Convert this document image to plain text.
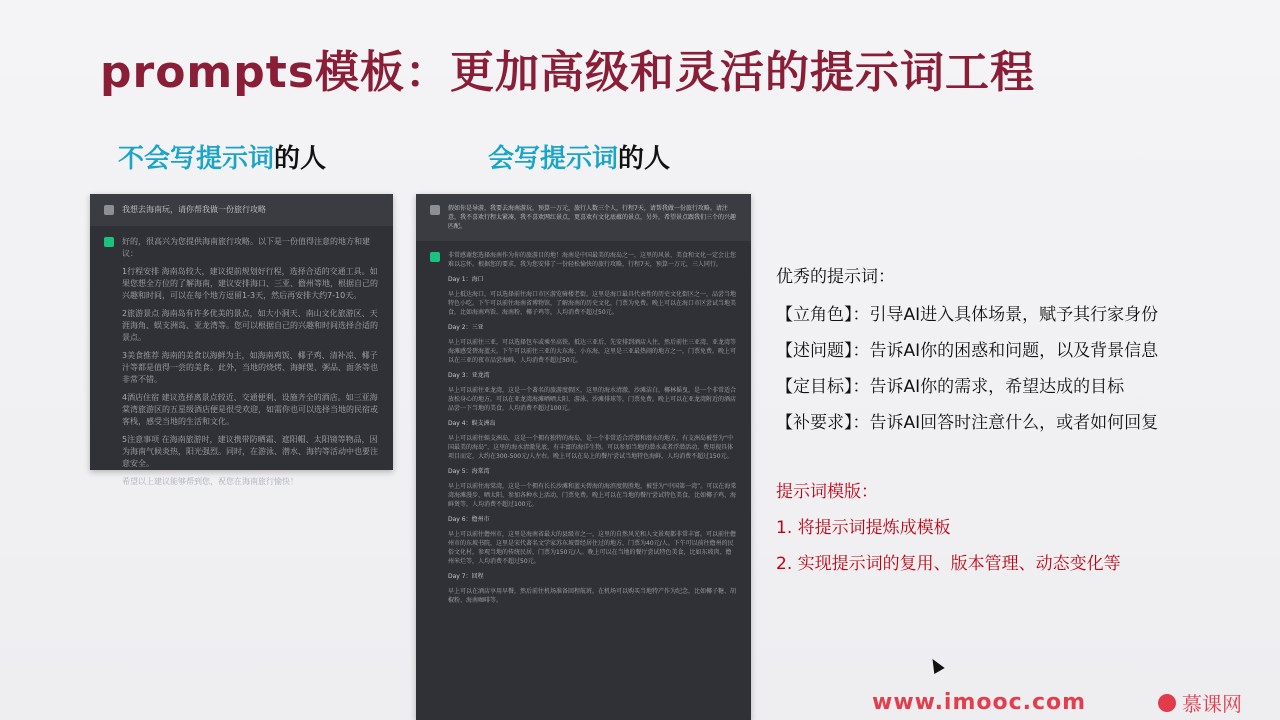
prompts模板：更加高级和灵活的提示词工程
不会写提示词的人	会写提示词的人
我想去海南玩，请你帮我做一份旅行攻略
好的，很高兴为您提供海南旅行攻略。以下是一份值得注意的地方和建议：
1行程安排 海南岛较大，建议提前规划好行程，选择合适的交通工具。如果您想全方位的了解海南，建议安排海口、三亚、儋州等地，根据自己的兴趣和时间，可以在每个地方逗留1-3天，然后再安排大约7-10天。
2旅游景点 海南岛有许多优美的景点，如大小洞天、南山文化旅游区、天涯海角、蜈支洲岛、亚龙湾等。您可以根据自己的兴趣和时间选择合适的景点。
3美食推荐 海南的美食以海鲜为主，如海南鸡饭、椰子鸡、清补凉、椰子汁等都是值得一尝的美食。此外，当地的烧烤、海鲜煲、粥品、面条等也非常不错。
4酒店住宿 建议选择离景点较近、交通便利、设施齐全的酒店。如三亚海棠湾旅游区的五星级酒店便是很受欢迎，如需你也可以选择当地的民宿或客栈，感受当地的生活和文化。
5注意事项 在海南旅游时，建议携带防晒霜、遮阳帽、太阳镜等物品，因为海南气候炎热，阳光强烈。同时，在游泳、潜水、海钓等活动中也要注意安全。
希望以上建议能够帮到您，祝您在海南旅行愉快！
假如你是导游，我要去海南游玩，预算一万元，旅行人数三个人，行程7天，请帮我做一份旅行攻略。请注意，我不喜欢行程太紧凑，我不喜欢网红景点，更喜欢有文化底蕴的景点，另外，希望景点跟我们三个的兴趣匹配。
非常感谢您选择海南作为你的旅游目的地！海南是中国最美的海岛之一，这里的风景、美食和文化一定会让您难以忘怀。根据您的要求，我为您安排了一份轻松愉快的旅行攻略，行程7天，预算一万元，三人同行。
Day 1：海口
早上抵达海口，可以选择前往海口市区游览骑楼老街，这里是海口最具代表性的历史文化街区之一，品尝当地特色小吃。下午可以前往海南省博物馆，了解海南的历史文化，门票为免费。晚上可以在海口市区尝试当地美食，比如海南鸡饭、海南粉、椰子鸡等，人均消费不超过50元。
Day 2：三亚
早上可以前往三亚，可以选择包车或乘坐高铁。抵达三亚后，先安排到酒店入住，然后前往三亚湾、亚龙湾等海滩感受碧海蓝天。下午可以前往三亚的大东海、小东海，这里是三亚最热闹的地方之一，门票免费。晚上可以在三亚的夜市品尝海鲜，人均消费不超过50元。
Day 3：亚龙湾
早上可以前往亚龙湾，这是一个著名的旅游度假区，这里的海水清澈，沙滩洁白，椰林摇曳，是一个非常适合放松身心的地方。可以在亚龙湾海滩晒晒太阳、游泳、沙滩排球等，门票免费。晚上可以在亚龙湾附近的酒店品尝一下当地的美食，人均消费不超过100元。
Day 4：蜈支洲岛
早上可以前往蜈支洲岛，这是一个拥有独特的海岛，是一个非常适合浮潜和潜水的地方，有支洲岛被誉为“中国最美的海岛”，这里的海水清澈见底，有丰富的海洋生物。可以参加当地的潜水或者浮潜活动，费用视具体项目而定，大约在300-500元/人左右。晚上可以在岛上的餐厅尝试当地特色海鲜，人均消费不超过150元。
Day 5：海棠湾
早上可以前往海棠湾，这是一个拥有长长沙滩和蓝天碧海的海滨度假胜地，被誉为“中国第一湾”。可以在海棠湾海滩漫步、晒太阳，参加各种水上活动，门票免费。晚上可以在当地的餐厅尝试特色美食，比如椰子鸡、海鲜煲等，人均消费不超过100元。
Day 6：儋州市
早上可以前往儋州市，这里是海南省最大的县级市之一，这里的自然风光和人文景观都非常丰富。可以前往儋州市的东坡书院，这里是宋代著名文学家苏东坡曾经居住过的地方，门票为40元/人。下午可以前往儋州的民俗文化村，参观当地的传统民居，门票为150元/人。晚上可以在当地的餐厅尝试特色美食，比如东坡肉、儋州米烂等，人均消费不超过50元。
Day 7：回程
早上可以在酒店享用早餐，然后前往机场准备回程航班。在机场可以购买当地特产作为纪念，比如椰子糖、胡椒粉、海南咖啡等。
优秀的提示词：
【立角色】：引导AI进入具体场景，赋予其行家身份
【述问题】：告诉AI你的困惑和问题，以及背景信息
【定目标】：告诉AI你的需求，希望达成的目标
【补要求】：告诉AI回答时注意什么，或者如何回复
提示词模版：
1. 将提示词提炼成模板
2. 实现提示词的复用、版本管理、动态变化等
www.imooc.com	慕课网
